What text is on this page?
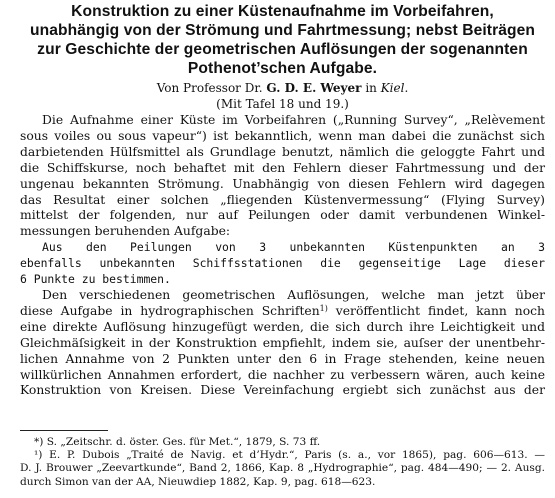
Konstruktion zu einer Küstenaufnahme im Vorbeifahren,
unabhängig von der Strömung und Fahrtmessung; nebst Beiträgen
zur Geschichte der geometrischen Auflösungen der sogenannten
Pothenot’schen Aufgabe.
Von Professor Dr. G. D. E. Weyer in Kiel.
(Mit Tafel 18 und 19.)
Die Aufnahme einer Küste im Vorbeifahren („Running Survey“, „Relèvement
sous voiles ou sous vapeur“) ist bekanntlich, wenn man dabei die zunächst sich
darbietenden Hülfsmittel als Grundlage benutzt, nämlich die geloggte Fahrt und
die Schiffskurse, noch behaftet mit den Fehlern dieser Fahrtmessung und der
ungenau bekannten Strömung. Unabhängig von diesen Fehlern wird dagegen
das Resultat einer solchen „fliegenden Küstenvermessung“ (Flying Survey)
mittelst der folgenden, nur auf Peilungen oder damit verbundenen Winkel-
messungen beruhenden Aufgabe:
Aus den Peilungen von 3 unbekannten Küstenpunkten an 3
ebenfalls unbekannten Schiffsstationen die gegenseitige Lage dieser
6 Punkte zu bestimmen.
Den verschiedenen geometrischen Auflösungen, welche man jetzt über
diese Aufgabe in hydrographischen Schriften$^{1)}$ veröffentlicht findet, kann noch
eine direkte Auflösung hinzugefügt werden, die sich durch ihre Leichtigkeit und
Gleichmäſsigkeit in der Konstruktion empfiehlt, indem sie, auſser der unentbehr-
lichen Annahme von 2 Punkten unter den 6 in Frage stehenden, keine neuen
willkürlichen Annahmen erfordert, die nachher zu verbessern wären, auch keine
Konstruktion von Kreisen. Diese Vereinfachung ergiebt sich zunächst aus der
*) S. „Zeitschr. d. öster. Ges. für Met.“, 1879, S. 73 ff.
¹) E. P. Dubois „Traité de Navig. et d’Hydr.“, Paris (s. a., vor 1865), pag. 606—613. —
D. J. Brouwer „Zeevartkunde“, Band 2, 1866, Kap. 8 „Hydrographie“, pag. 484—490; — 2. Ausg.
durch Simon van der AA, Nieuwdiep 1882, Kap. 9, pag. 618—623.
